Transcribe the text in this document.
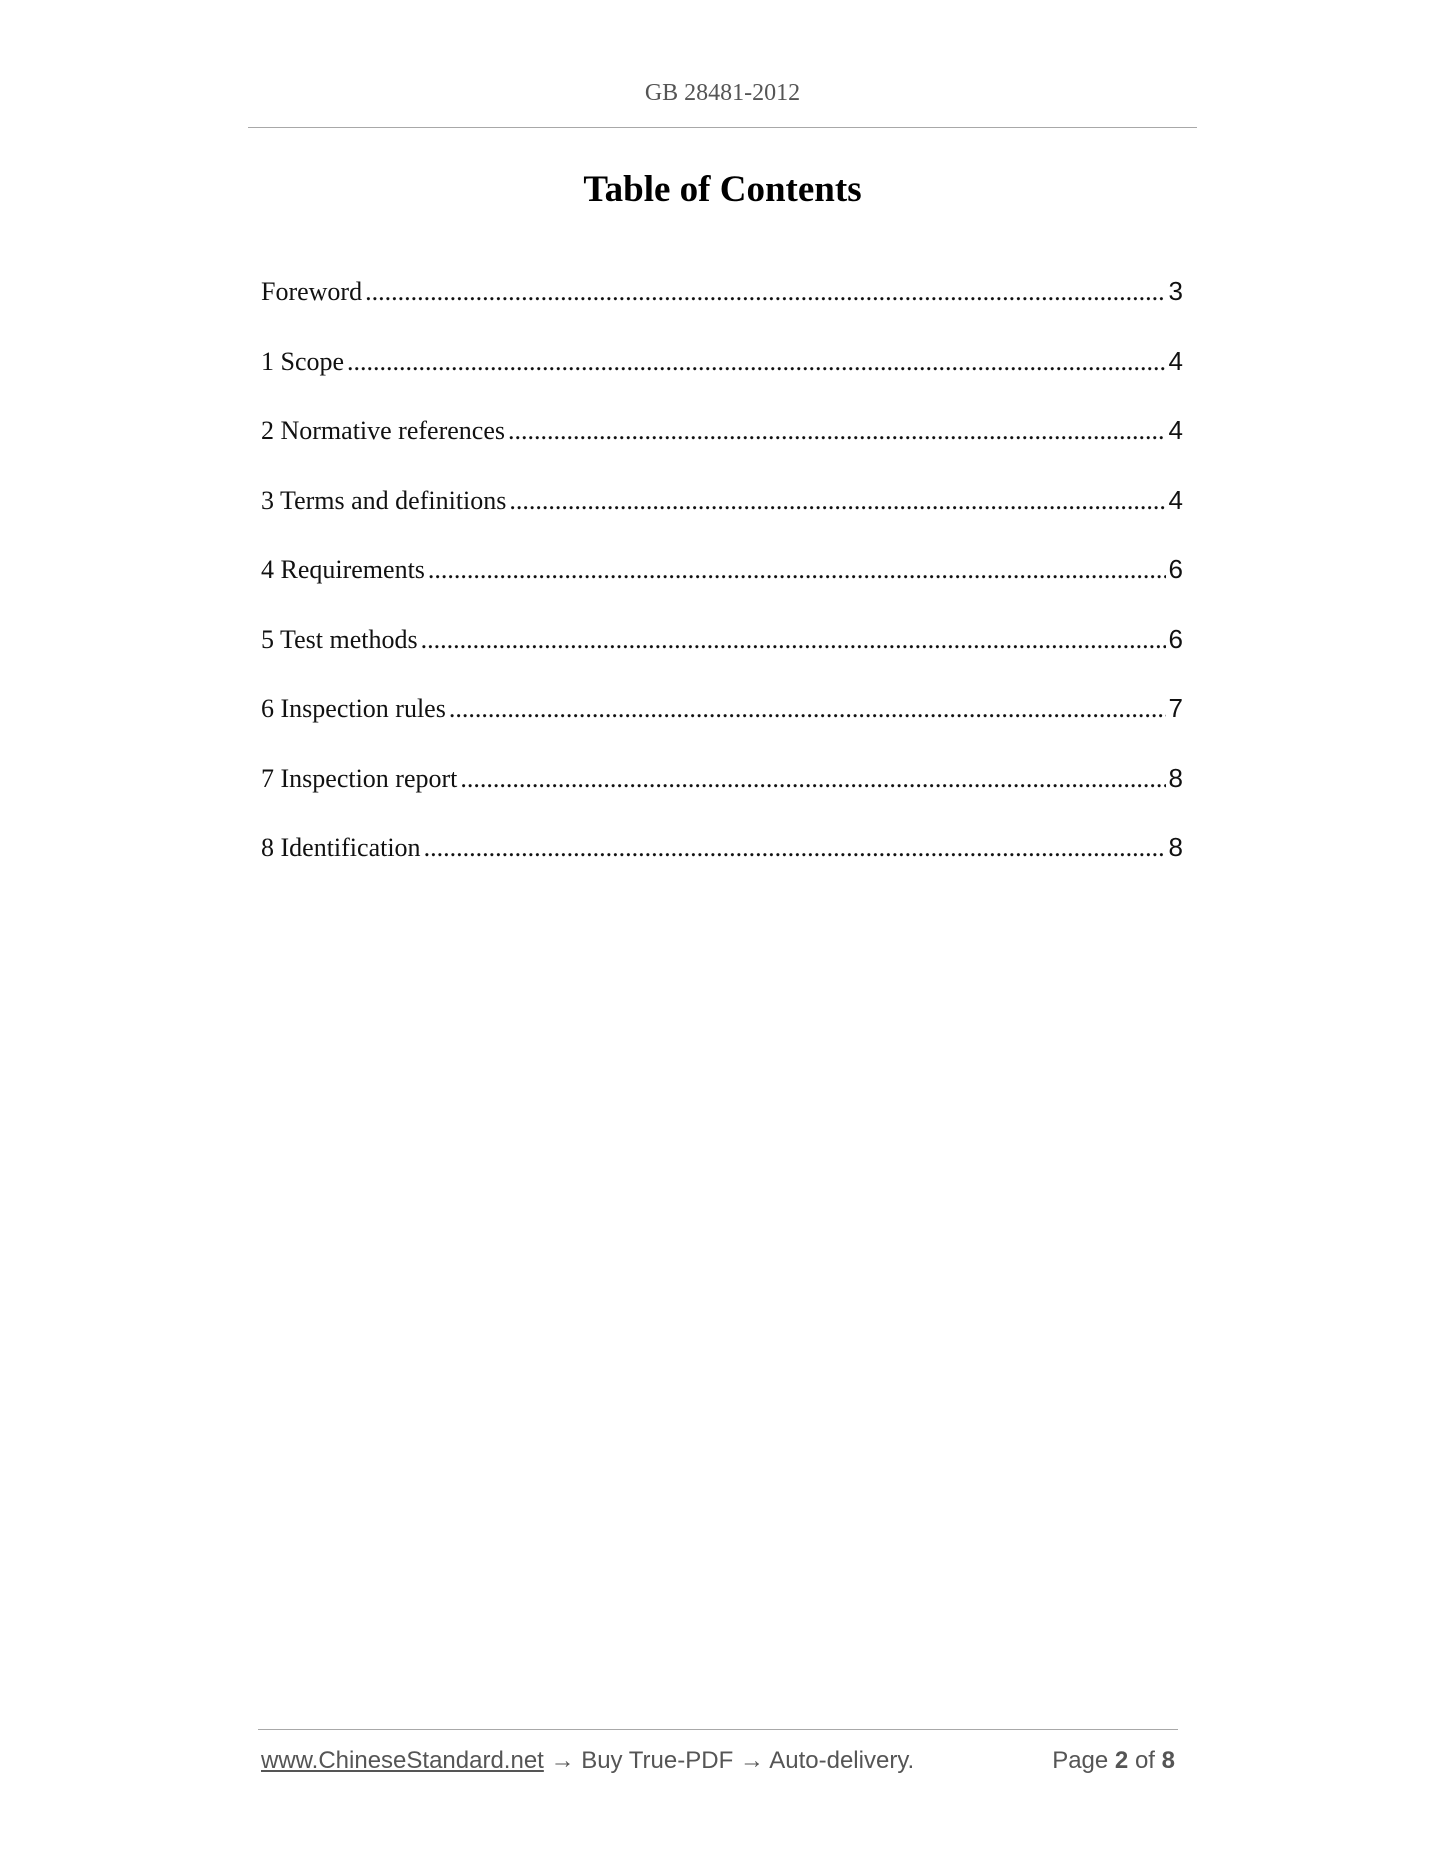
GB 28481-2012
Table of Contents
Foreword .....	3
1 Scope .....	4
2 Normative references .....	4
3 Terms and definitions .....	4
4 Requirements .....	6
5 Test methods .....	6
6 Inspection rules .....	7
7 Inspection report .....	8
8 Identification .....	8
www.ChineseStandard.net → Buy True-PDF → Auto-delivery.	Page 2 of 8
